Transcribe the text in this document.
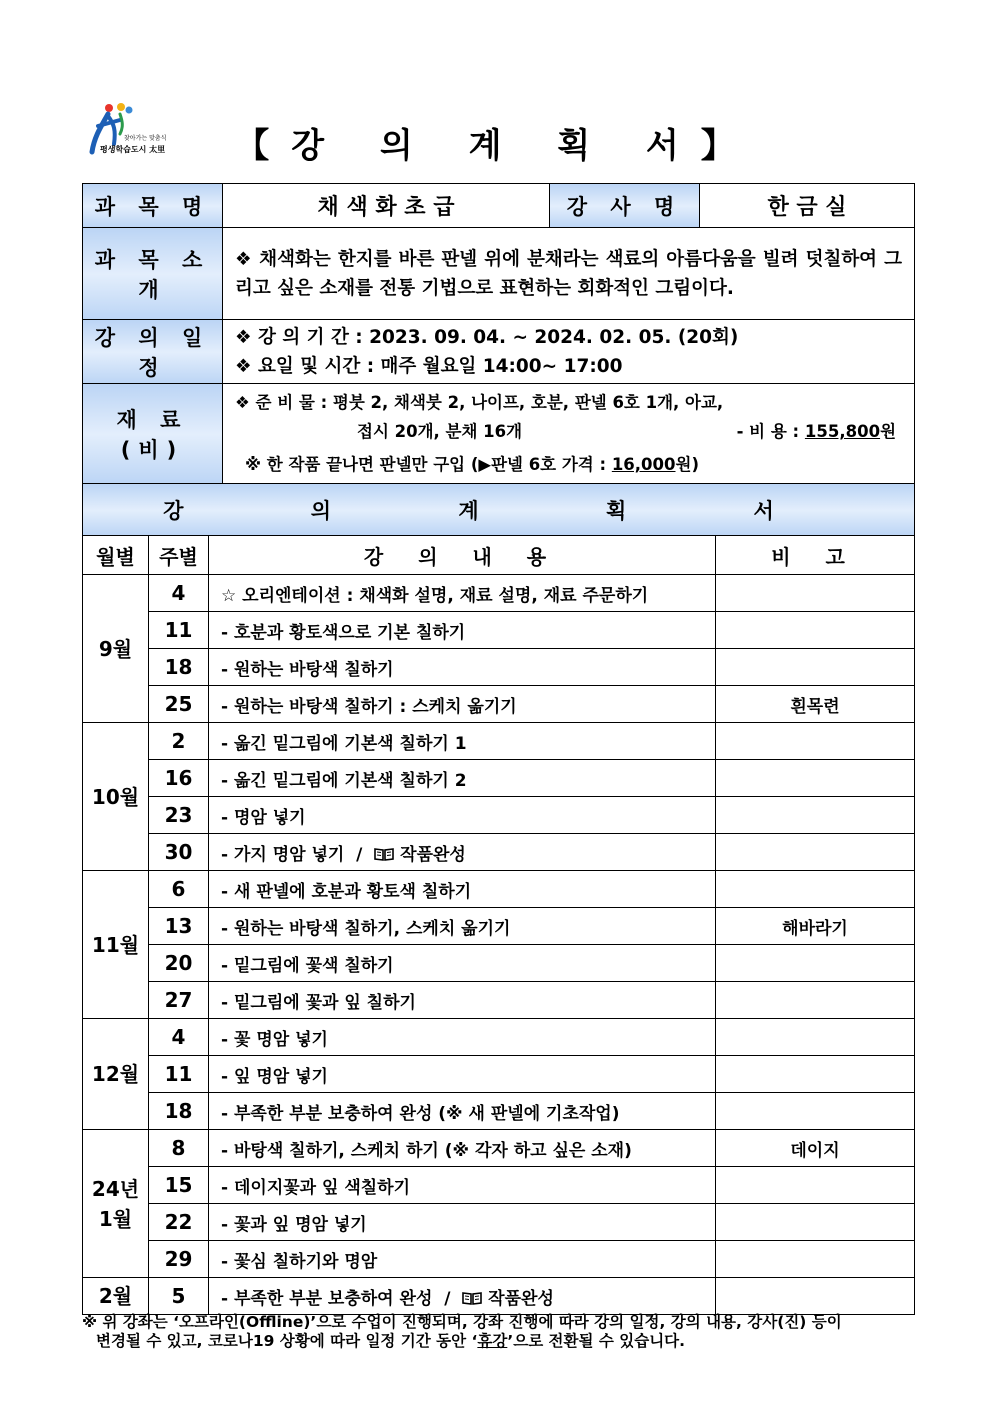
찾아가는 맞춤식
평생학습도시 太里	【강 의 계 획 서】
과 목 명			채 색 화 초 급	강 사 명	한 금 실	
과 목 소 개			❖ 채색화는 한지를 바른 판넬 위에 분채라는 색료의 아름다움을 빌려 덧칠하여 그리고 싶은 소재를 전통 기법으로 표현하는 회화적인 그림이다.			
강 의 일 정			❖ 강 의 기 간 : 2023. 09. 04. ~ 2024. 02. 05. (20회)
❖ 요일 및 시간 : 매주 월요일 14:00~ 17:00			

재 료 (비)			❖ 준 비 물 : 평붓 2, 채색붓 2, 나이프, 호분, 판넬 6호 1개, 아교,
접시 20개, 분채 16개 - 비 용 : 155,800원
※ 한 작품 끝나면 판넬만 구입 (▶판넬 6호 가격 : 16,000원)			

강 의 계 획 서						
월별	주별	강 의 내 용				비 고

9월	4	☆ 오리엔테이션 : 채색화 설명, 재료 설명, 재료 주문하기				
	11	- 호분과 황토색으로 기본 칠하기				
	18	- 원하는 바탕색 칠하기				
	25	- 원하는 바탕색 칠하기 : 스케치 옮기기				흰목련

10월	2	- 옮긴 밑그림에 기본색 칠하기 1				
	16	- 옮긴 밑그림에 기본색 칠하기 2				
	23	- 명암 넣기				
	30	- 가지 명암 넣기  /   작품완성				

11월	6	- 새 판넬에 호분과 황토색 칠하기				
	13	- 원하는 바탕색 칠하기, 스케치 옮기기				해바라기
	20	- 밑그림에 꽃색 칠하기				
	27	- 밑그림에 꽃과 잎 칠하기				

12월	4	- 꽃 명암 넣기				
	11	- 잎 명암 넣기				
	18	- 부족한 부분 보충하여 완성 (※ 새 판넬에 기초작업)				

24년
1월	8	- 바탕색 칠하기, 스케치 하기 (※ 각자 하고 싶은 소재)				데이지
	15	- 데이지꽃과 잎 색칠하기				
	22	- 꽃과 잎 명암 넣기				
	29	- 꽃심 칠하기와 명암				

2월	5	- 부족한 부분 보충하여 완성  /   작품완성				
※ 위 강좌는 ‘오프라인(Offline)’으로 수업이 진행되며, 강좌 진행에 따라 강의 일정, 강의 내용, 강사(진) 등이
변경될 수 있고, 코로나19 상황에 따라 일정 기간 동안 ‘휴강’으로 전환될 수 있습니다.
